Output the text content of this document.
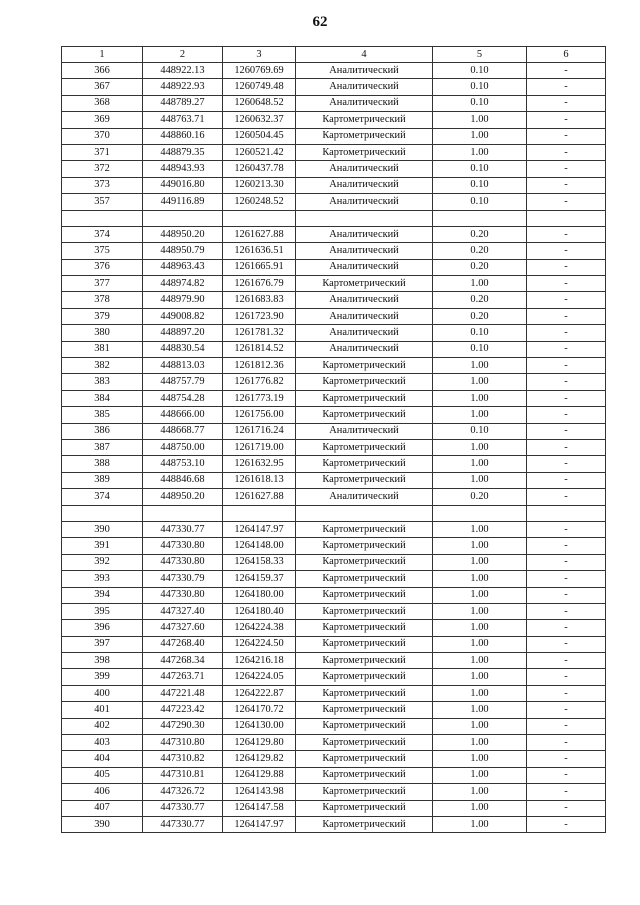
62
1	2	3	4	5	6
366	448922.13	1260769.69	Аналитический	0.10	-
367	448922.93	1260749.48	Аналитический	0.10	-
368	448789.27	1260648.52	Аналитический	0.10	-
369	448763.71	1260632.37	Картометрический	1.00	-
370	448860.16	1260504.45	Картометрический	1.00	-
371	448879.35	1260521.42	Картометрический	1.00	-
372	448943.93	1260437.78	Аналитический	0.10	-
373	449016.80	1260213.30	Аналитический	0.10	-
357	449116.89	1260248.52	Аналитический	0.10	-

374	448950.20	1261627.88	Аналитический	0.20	-
375	448950.79	1261636.51	Аналитический	0.20	-
376	448963.43	1261665.91	Аналитический	0.20	-
377	448974.82	1261676.79	Картометрический	1.00	-
378	448979.90	1261683.83	Аналитический	0.20	-
379	449008.82	1261723.90	Аналитический	0.20	-
380	448897.20	1261781.32	Аналитический	0.10	-
381	448830.54	1261814.52	Аналитический	0.10	-
382	448813.03	1261812.36	Картометрический	1.00	-
383	448757.79	1261776.82	Картометрический	1.00	-
384	448754.28	1261773.19	Картометрический	1.00	-
385	448666.00	1261756.00	Картометрический	1.00	-
386	448668.77	1261716.24	Аналитический	0.10	-
387	448750.00	1261719.00	Картометрический	1.00	-
388	448753.10	1261632.95	Картометрический	1.00	-
389	448846.68	1261618.13	Картометрический	1.00	-
374	448950.20	1261627.88	Аналитический	0.20	-

390	447330.77	1264147.97	Картометрический	1.00	-
391	447330.80	1264148.00	Картометрический	1.00	-
392	447330.80	1264158.33	Картометрический	1.00	-
393	447330.79	1264159.37	Картометрический	1.00	-
394	447330.80	1264180.00	Картометрический	1.00	-
395	447327.40	1264180.40	Картометрический	1.00	-
396	447327.60	1264224.38	Картометрический	1.00	-
397	447268.40	1264224.50	Картометрический	1.00	-
398	447268.34	1264216.18	Картометрический	1.00	-
399	447263.71	1264224.05	Картометрический	1.00	-
400	447221.48	1264222.87	Картометрический	1.00	-
401	447223.42	1264170.72	Картометрический	1.00	-
402	447290.30	1264130.00	Картометрический	1.00	-
403	447310.80	1264129.80	Картометрический	1.00	-
404	447310.82	1264129.82	Картометрический	1.00	-
405	447310.81	1264129.88	Картометрический	1.00	-
406	447326.72	1264143.98	Картометрический	1.00	-
407	447330.77	1264147.58	Картометрический	1.00	-
390	447330.77	1264147.97	Картометрический	1.00	-
